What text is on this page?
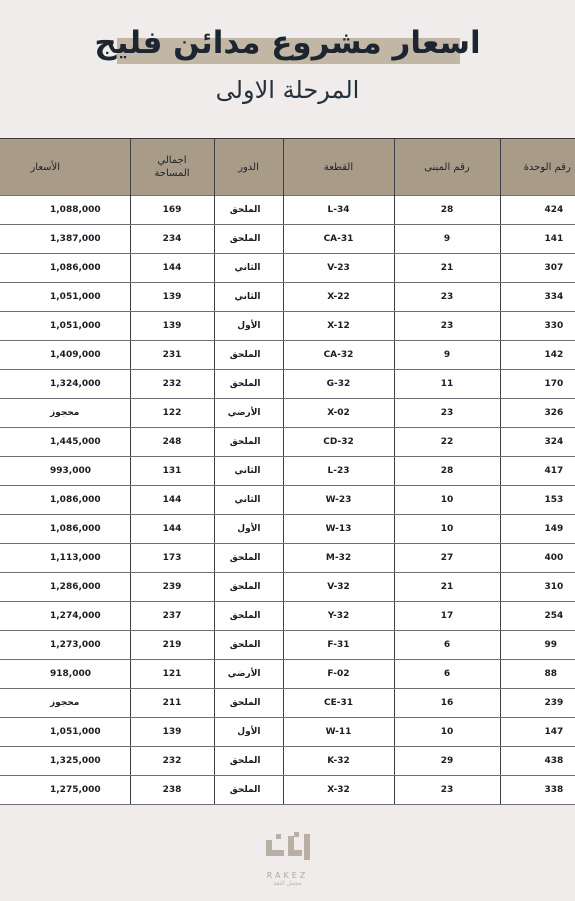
اسعار مشروع مدائن فليج
المرحلة الاولى
رقم الوحدة	رقم المبنى	القطعة	الدور	اجمالي المساحة	الأسعار
424	28	L-34	الملحق	169	1,088,000
141	9	CA-31	الملحق	234	1,387,000
307	21	V-23	الثاني	144	1,086,000
334	23	X-22	الثاني	139	1,051,000
330	23	X-12	الأول	139	1,051,000
142	9	CA-32	الملحق	231	1,409,000
170	11	G-32	الملحق	232	1,324,000
326	23	X-02	الأرضي	122	محجوز
324	22	CD-32	الملحق	248	1,445,000
417	28	L-23	الثاني	131	993,000
153	10	W-23	الثاني	144	1,086,000
149	10	W-13	الأول	144	1,086,000
400	27	M-32	الملحق	173	1,113,000
310	21	V-32	الملحق	239	1,286,000
254	17	Y-32	الملحق	237	1,274,000
99	6	F-31	الملحق	219	1,273,000
88	6	F-02	الأرضي	121	918,000
239	16	CE-31	الملحق	211	محجوز
147	10	W-11	الأول	139	1,051,000
438	29	K-32	الملحق	232	1,325,000
338	23	X-32	الملحق	238	1,275,000
RAKEZ
مجمل الثقة
